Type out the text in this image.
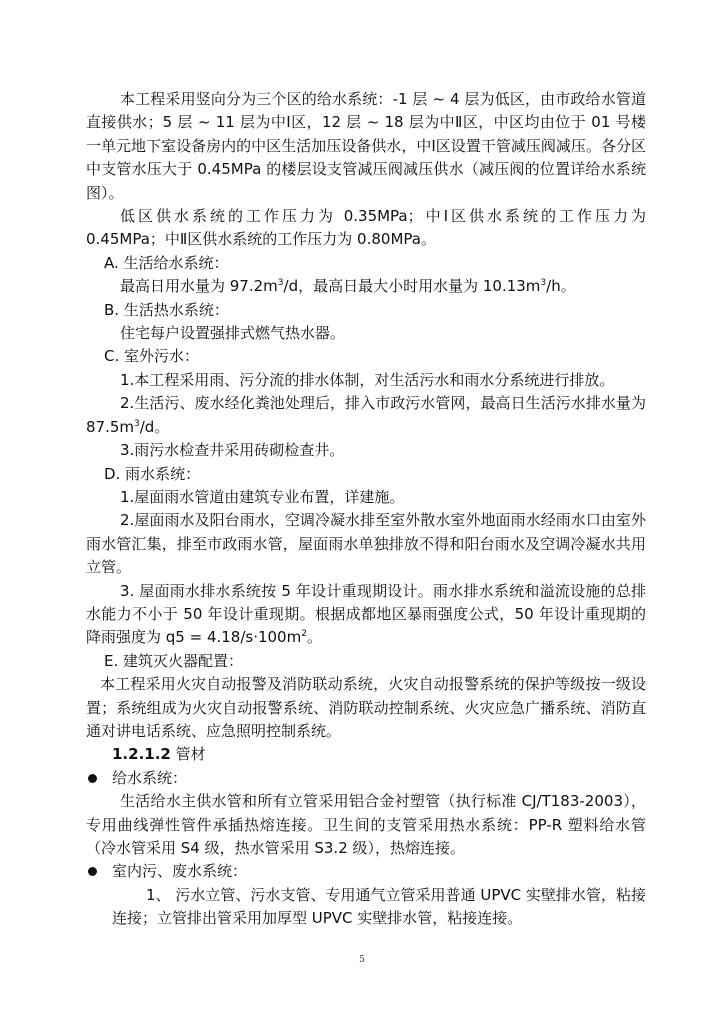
本工程采用竖向分为三个区的给水系统：-1 层 ~ 4 层为低区，由市政给水管道直接供水；5 层 ~ 11 层为中Ⅰ区，12 层 ~ 18 层为中Ⅱ区，中区均由位于 01 号楼一单元地下室设备房内的中区生活加压设备供水，中Ⅰ区设置干管减压阀减压。各分区中支管水压大于 0.45MPa 的楼层设支管减压阀减压供水（减压阀的位置详给水系统图）。

低区供水系统的工作压力为 0.35MPa；中Ⅰ区供水系统的工作压力为 0.45MPa；中Ⅱ区供水系统的工作压力为 0.80MPa。

A. 生活给水系统：

最高日用水量为 $97.2m^3/d$，最高日最大小时用水量为 $10.13m^3/h$。

B. 生活热水系统：

住宅每户设置强排式燃气热水器。

C. 室外污水：

1.本工程采用雨、污分流的排水体制，对生活污水和雨水分系统进行排放。

2.生活污、废水经化粪池处理后，排入市政污水管网，最高日生活污水排水量为 $87.5m^3/d$。

3.雨污水检查井采用砖砌检查井。

D. 雨水系统：

1.屋面雨水管道由建筑专业布置，详建施。

2.屋面雨水及阳台雨水，空调冷凝水排至室外散水室外地面雨水经雨水口由室外雨水管汇集，排至市政雨水管，屋面雨水单独排放不得和阳台雨水及空调冷凝水共用立管。

3. 屋面雨水排水系统按 5 年设计重现期设计。雨水排水系统和溢流设施的总排水能力不小于 50 年设计重现期。根据成都地区暴雨强度公式，50 年设计重现期的降雨强度为 $q5 = 4.18/s\cdot 100m^2$。

E. 建筑灭火器配置：

本工程采用火灾自动报警及消防联动系统，火灾自动报警系统的保护等级按一级设置；系统组成为火灾自动报警系统、消防联动控制系统、火灾应急广播系统、消防直通对讲电话系统、应急照明控制系统。

1.2.1.2 管材

给水系统：

生活给水主供水管和所有立管采用铝合金衬塑管（执行标准 CJ/T183-2003），专用曲线弹性管件承插热熔连接。卫生间的支管采用热水系统：PP-R 塑料给水管（冷水管采用 S4 级，热水管采用 S3.2 级），热熔连接。

室内污、废水系统：

1、 污水立管、污水支管、专用通气立管采用普通 UPVC 实壁排水管，粘接连接；立管排出管采用加厚型 UPVC 实壁排水管，粘接连接。

5
